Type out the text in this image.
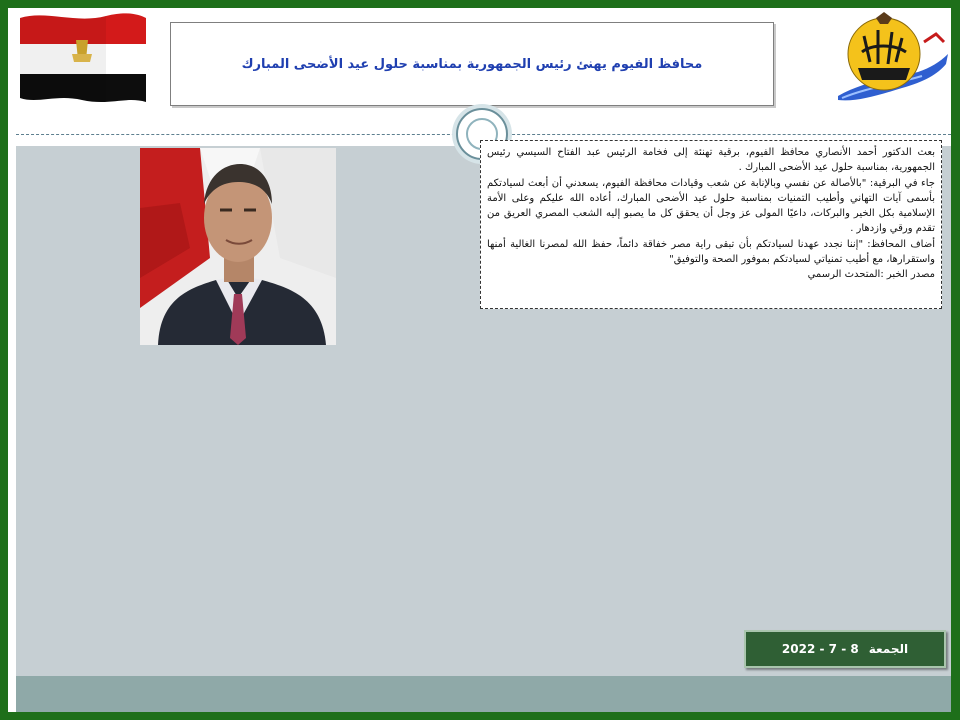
محافظ الفيوم يهنئ رئيس الجمهورية بمناسبة حلول عيد الأضحى المبارك

بعث الدكتور أحمد الأنصاري محافظ الفيوم، برقية تهنئة إلى فخامة الرئيس عبد الفتاح السيسي رئيس الجمهورية، بمناسبة حلول عيد الأضحى المبارك .

جاء في البرقية: "بالأصالة عن نفسي وبالإنابة عن شعب وقيادات محافظة الفيوم، يسعدني أن أبعث لسيادتكم بأسمى آيات التهاني وأطيب التمنيات بمناسبة حلول عيد الأضحى المبارك، أعاده الله عليكم وعلى الأمة الإسلامية بكل الخير والبركات، داعيًا المولى عز وجل أن يحقق كل ما يصبو إليه الشعب المصري العريق من تقدم ورقي وازدهار .

أضاف المحافظ: "إننا نجدد عهدنا لسيادتكم بأن تبقى راية مصر خفاقة دائماً، حفظ الله لمصرنا الغالية أمنها واستقرارها، مع أطيب تمنياتي لسيادتكم بموفور الصحة والتوفيق"

مصدر الخبر :المتحدث الرسمي

الجمعة
8 - 7 - 2022
